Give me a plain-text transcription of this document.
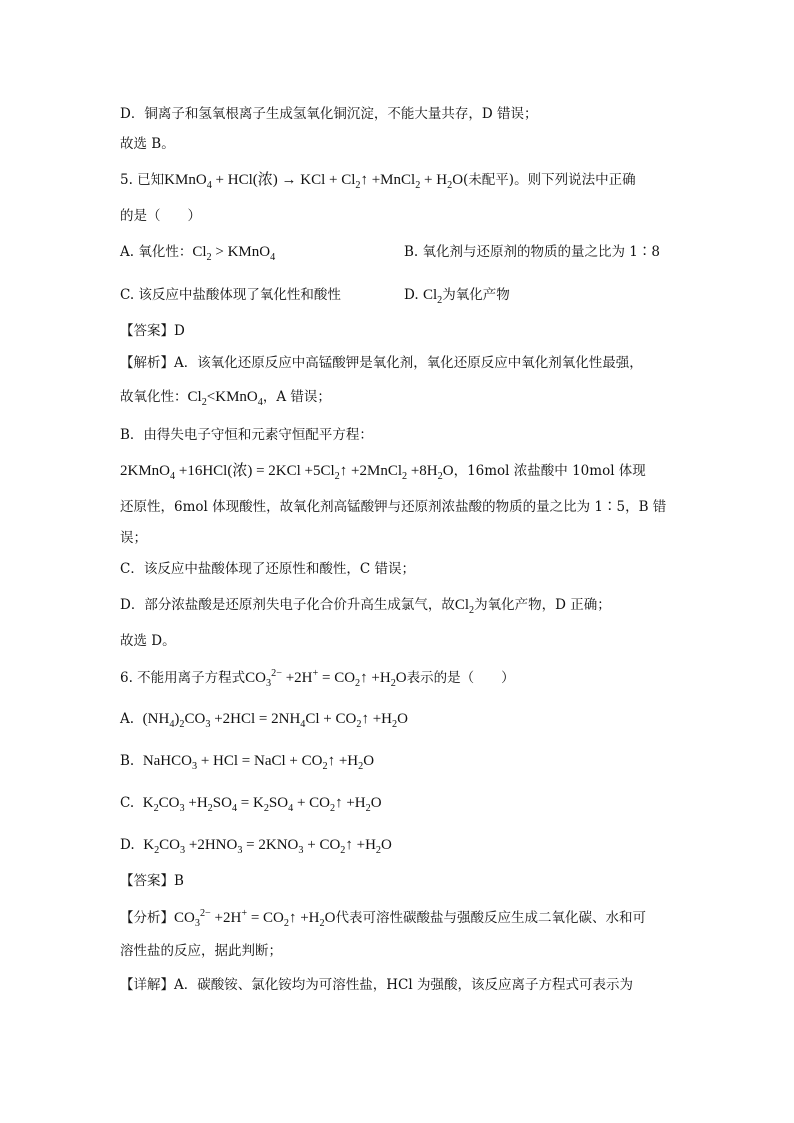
D．铜离子和氢氧根离子生成氢氧化铜沉淀，不能大量共存，D 错误；
故选 B。
5. 已知KMnO$_4$ + HCl(浓) → KCl + $Cl_2↑$ +MnCl$_2$ + $H_2O$(未配平)。则下列说法中正确
的是（　　）
A. 氧化性：$Cl_2$ > KMnO$_4$	B. 氧化剂与还原剂的物质的量之比为 1∶8
C. 该反应中盐酸体现了氧化性和酸性	D. $Cl_2$为氧化产物
【答案】D
【解析】A．该氧化还原反应中高锰酸钾是氧化剂，氧化还原反应中氧化剂氧化性最强，
故氧化性：$Cl_2<KMnO_4$，A 错误；
B．由得失电子守恒和元素守恒配平方程：
2KMnO$_4$ +16HCl(浓) = $2KCl +5Cl_2↑$ +2MnCl$_2$ $+8H_2O$，16mol 浓盐酸中 10mol 体现
还原性，6mol 体现酸性，故氧化剂高锰酸钾与还原剂浓盐酸的物质的量之比为 1∶5，B 错
误；
C．该反应中盐酸体现了还原性和酸性，C 错误；
D．部分浓盐酸是还原剂失电子化合价升高生成氯气，故$Cl_2$为氧化产物，D 正确；
故选 D。
6. 不能用离子方程式$CO_3^{2-} +2H^+$ = $CO_2↑ +H_2O$表示的是（　　）
A. $(NH_4)_2CO_3 +2HCl = 2NH_4Cl$ + $CO_2↑ +H_2O$
B. NaHCO$_3$ + HCl = NaCl + $CO_2↑ +H_2O$
C. $K_2CO_3 +H_2SO_4 = K_2SO_4$ + $CO_2↑ +H_2O$
D. $K_2CO_3 +2HNO_3 = 2KNO_3$ + $CO_2↑ +H_2O$
【答案】B
【分析】$CO_3^{2-} +2H^+$ = $CO_2↑ +H_2O$代表可溶性碳酸盐与强酸反应生成二氧化碳、水和可
溶性盐的反应，据此判断；
【详解】A．碳酸铵、氯化铵均为可溶性盐，HCl 为强酸，该反应离子方程式可表示为
